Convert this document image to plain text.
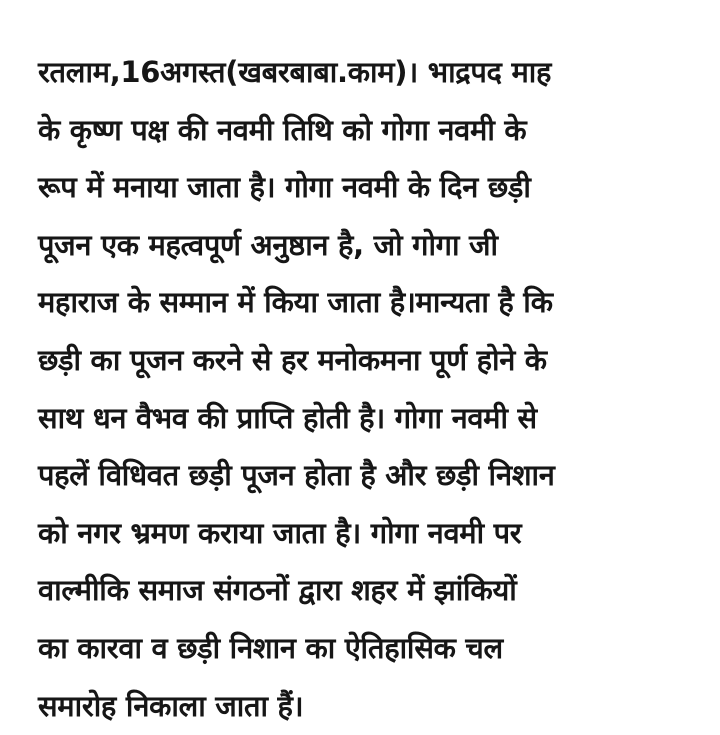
रतलाम,16अगस्त(खबरबाबा.काम)। भाद्रपद माह
के कृष्ण पक्ष की नवमी तिथि को गोगा नवमी के
रूप में मनाया जाता है। गोगा नवमी के दिन छड़ी
पूजन एक महत्वपूर्ण अनुष्ठान है, जो गोगा जी
महाराज के सम्मान में किया जाता है।मान्यता है कि
छड़ी का पूजन करने से हर मनोकमना पूर्ण होने के
साथ धन वैभव की प्राप्ति होती है। गोगा नवमी से
पहलें विधिवत छड़ी पूजन होता है और छड़ी निशान
को नगर भ्रमण कराया जाता है। गोगा नवमी पर
वाल्मीकि समाज संगठनों द्वारा शहर में झांकियों
का कारवा व छड़ी निशान का ऐतिहासिक चल
समारोह निकाला जाता हैं।
